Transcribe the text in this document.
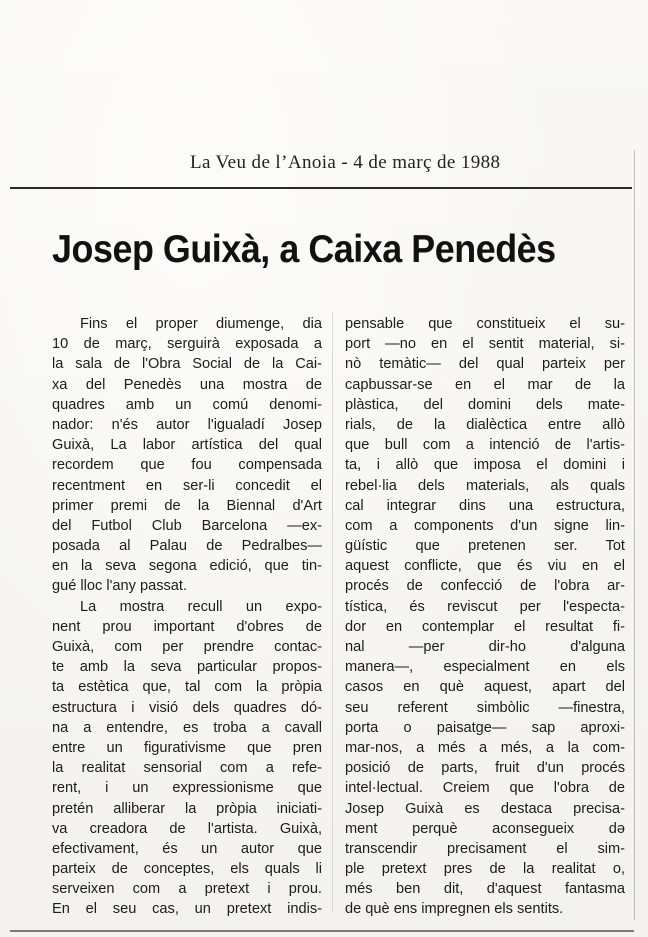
La Veu de l’Anoia - 4 de març de 1988
Josep Guixà, a Caixa Penedès
Fins el proper diumenge, dia
10 de març, serguirà exposada a
la sala de l'Obra Social de la Cai-
xa del Penedès una mostra de
quadres amb un comú denomi-
nador: n'és autor l'igualadí Josep
Guixà, La labor artística del qual
recordem que fou compensada
recentment en ser-li concedit el
primer premi de la Biennal d'Art
del Futbol Club Barcelona —ex-
posada al Palau de Pedralbes—
en la seva segona edició, que tin-
gué lloc l'any passat.
La mostra recull un expo-
nent prou important d'obres de
Guixà, com per prendre contac-
te amb la seva particular propos-
ta estètica que, tal com la pròpia
estructura i visió dels quadres dó-
na a entendre, es troba a cavall
entre un figurativisme que pren
la realitat sensorial com a refe-
rent, i un expressionisme que
pretén alliberar la pròpia iniciati-
va creadora de l'artista. Guixà,
efectivament, és un autor que
parteix de conceptes, els quals li
serveixen com a pretext i prou.
En el seu cas, un pretext indis-
pensable que constitueix el su-
port —no en el sentit material, si-
nò temàtic— del qual parteix per
capbussar-se en el mar de la
plàstica, del domini dels mate-
rials, de la dialèctica entre allò
que bull com a intenció de l'artis-
ta, i allò que imposa el domini i
rebel·lia dels materials, als quals
cal integrar dins una estructura,
com a components d'un signe lin-
güístic que pretenen ser. Tot
aquest conflicte, que és viu en el
procés de confecció de l'obra ar-
tística, és reviscut per l'especta-
dor en contemplar el resultat fi-
nal —per dir-ho d'alguna
manera—, especialment en els
casos en què aquest, apart del
seu referent simbòlic —finestra,
porta o paisatge— sap aproxi-
mar-nos, a més a més, a la com-
posició de parts, fruit d'un procés
intel·lectual. Creiem que l'obra de
Josep Guixà es destaca precisa-
ment perquè aconsegueix də
transcendir precisament el sim-
ple pretext pres de la realitat o,
més ben dit, d'aquest fantasma
de què ens impregnen els sentits.
